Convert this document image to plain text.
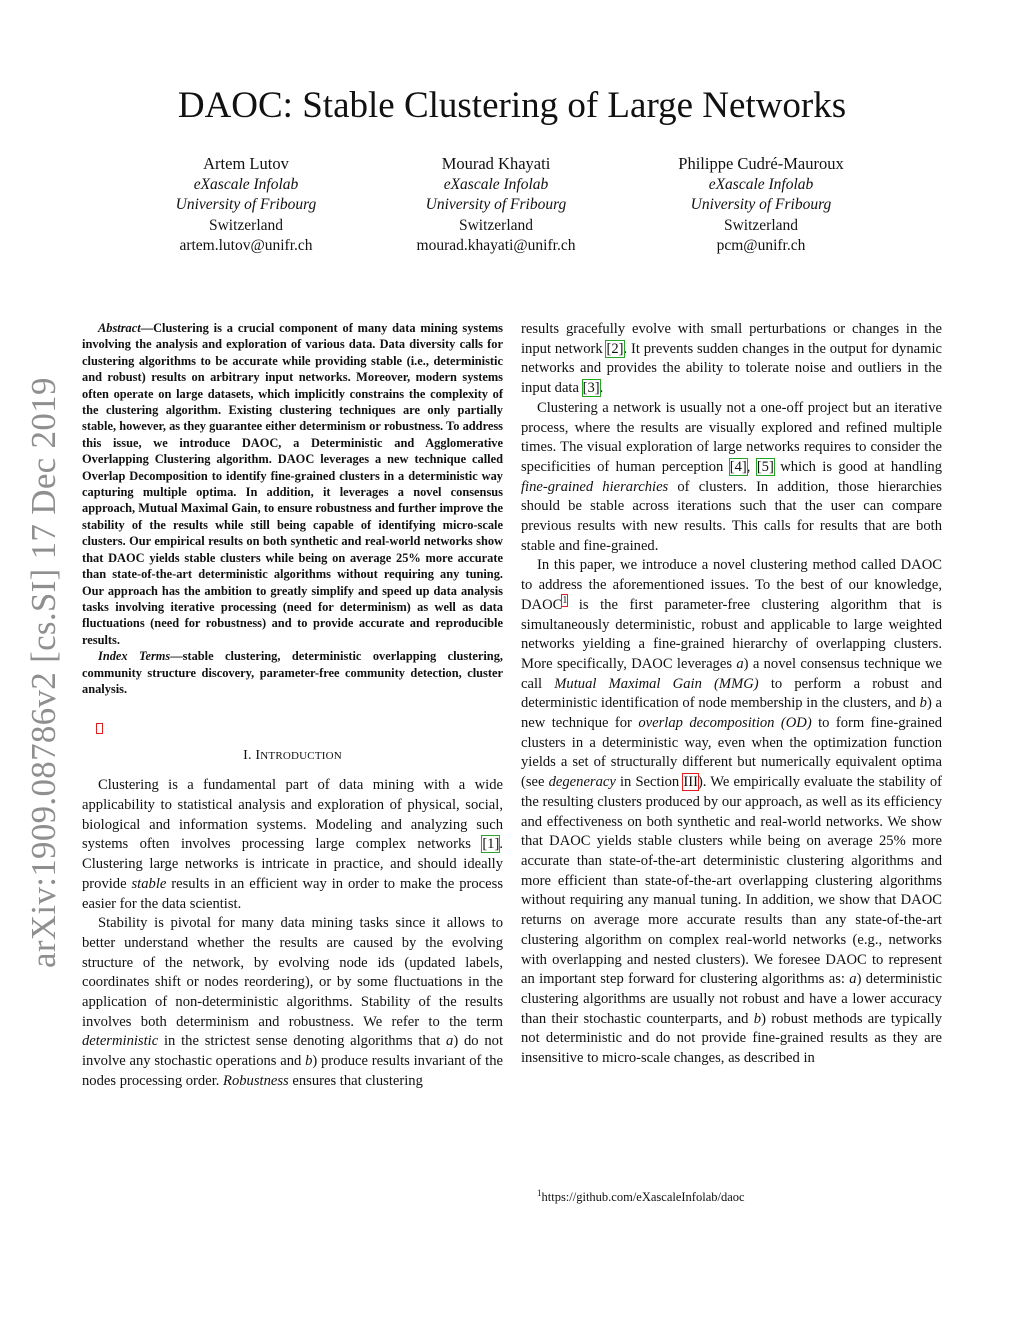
DAOC: Stable Clustering of Large Networks
Artem Lutov
eXascale Infolab
University of Fribourg
Switzerland
artem.lutov@unifr.ch
Mourad Khayati
eXascale Infolab
University of Fribourg
Switzerland
mourad.khayati@unifr.ch
Philippe Cudré-Mauroux
eXascale Infolab
University of Fribourg
Switzerland
pcm@unifr.ch
arXiv:1909.08786v2 [cs.SI] 17 Dec 2019

Abstract—Clustering is a crucial component of many data mining systems involving the analysis and exploration of various data. Data diversity calls for clustering algorithms to be accurate while providing stable (i.e., deterministic and robust) results on arbitrary input networks. Moreover, modern systems often operate on large datasets, which implicitly constrains the complexity of the clustering algorithm. Existing clustering techniques are only partially stable, however, as they guarantee either determinism or robustness. To address this issue, we introduce DAOC, a Deterministic and Agglomerative Overlapping Clustering algorithm. DAOC leverages a new technique called Overlap Decomposition to identify fine-grained clusters in a deterministic way capturing multiple optima. In addition, it leverages a novel consensus approach, Mutual Maximal Gain, to ensure robustness and further improve the stability of the results while still being capable of identifying micro-scale clusters. Our empirical results on both synthetic and real-world networks show that DAOC yields stable clusters while being on average 25% more accurate than state-of-the-art deterministic algorithms without requiring any tuning. Our approach has the ambition to greatly simplify and speed up data analysis tasks involving iterative processing (need for determinism) as well as data fluctuations (need for robustness) and to provide accurate and reproducible results.

Index Terms—stable clustering, deterministic overlapping clustering, community structure discovery, parameter-free community detection, cluster analysis.

I. INTRODUCTION

Clustering is a fundamental part of data mining with a wide applicability to statistical analysis and exploration of physical, social, biological and information systems. Modeling and analyzing such systems often involves processing large complex networks [1]. Clustering large networks is intricate in practice, and should ideally provide stable results in an efficient way in order to make the process easier for the data scientist.

Stability is pivotal for many data mining tasks since it allows to better understand whether the results are caused by the evolving structure of the network, by evolving node ids (updated labels, coordinates shift or nodes reordering), or by some fluctuations in the application of non-deterministic algorithms. Stability of the results involves both determinism and robustness. We refer to the term deterministic in the strictest sense denoting algorithms that a) do not involve any stochastic operations and b) produce results invariant of the nodes processing order. Robustness ensures that clustering

results gracefully evolve with small perturbations or changes in the input network [2]. It prevents sudden changes in the output for dynamic networks and provides the ability to tolerate noise and outliers in the input data [3].

Clustering a network is usually not a one-off project but an iterative process, where the results are visually explored and refined multiple times. The visual exploration of large networks requires to consider the specificities of human perception [4], [5] which is good at handling fine-grained hierarchies of clusters. In addition, those hierarchies should be stable across iterations such that the user can compare previous results with new results. This calls for results that are both stable and fine-grained.

In this paper, we introduce a novel clustering method called DAOC to address the aforementioned issues. To the best of our knowledge, DAOC$^1$ is the first parameter-free clustering algorithm that is simultaneously deterministic, robust and applicable to large weighted networks yielding a fine-grained hierarchy of overlapping clusters. More specifically, DAOC leverages a) a novel consensus technique we call Mutual Maximal Gain (MMG) to perform a robust and deterministic identification of node membership in the clusters, and b) a new technique for overlap decomposition (OD) to form fine-grained clusters in a deterministic way, even when the optimization function yields a set of structurally different but numerically equivalent optima (see degeneracy in Section III). We empirically evaluate the stability of the resulting clusters produced by our approach, as well as its efficiency and effectiveness on both synthetic and real-world networks. We show that DAOC yields stable clusters while being on average 25% more accurate than state-of-the-art deterministic clustering algorithms and more efficient than state-of-the-art overlapping clustering algorithms without requiring any manual tuning. In addition, we show that DAOC returns on average more accurate results than any state-of-the-art clustering algorithm on complex real-world networks (e.g., networks with overlapping and nested clusters). We foresee DAOC to represent an important step forward for clustering algorithms as: a) deterministic clustering algorithms are usually not robust and have a lower accuracy than their stochastic counterparts, and b) robust methods are typically not deterministic and do not provide fine-grained results as they are insensitive to micro-scale changes, as described in

$^1$https://github.com/eXascaleInfolab/daoc
